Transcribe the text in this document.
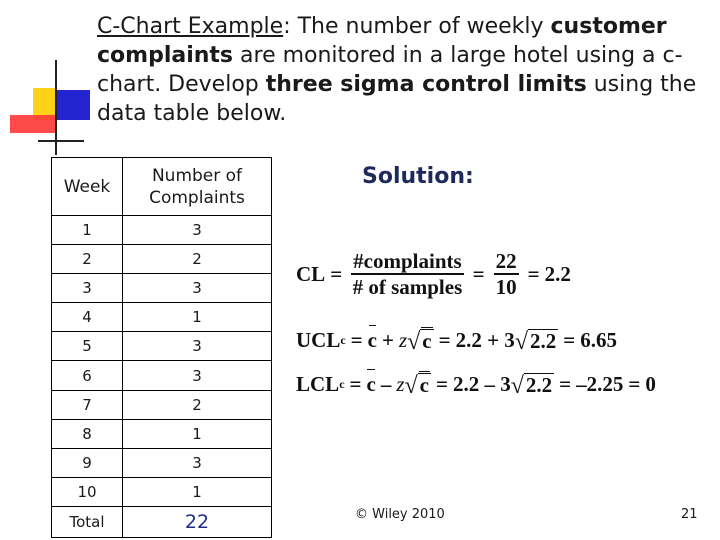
C-Chart Example: The number of weekly customer complaints are monitored in a large hotel using a c-chart. Develop three sigma control limits using the data table below.
Week	Number of Complaints
1	3
2	2
3	3
4	1
5	3
6	3
7	2
8	1
9	3
10	1
Total	22
Solution:
CL = $\frac{\text{\#complaints}}{\text{\# of samples}} = \frac{22}{10} = 2.2$
UCL c = c + z √ c = 2.2 + 3 √ 2.2 = 6.65
LCL c = c – z √ c = 2.2 – 3 √ 2.2 = –2.25 = 0
© Wiley 2010	21
